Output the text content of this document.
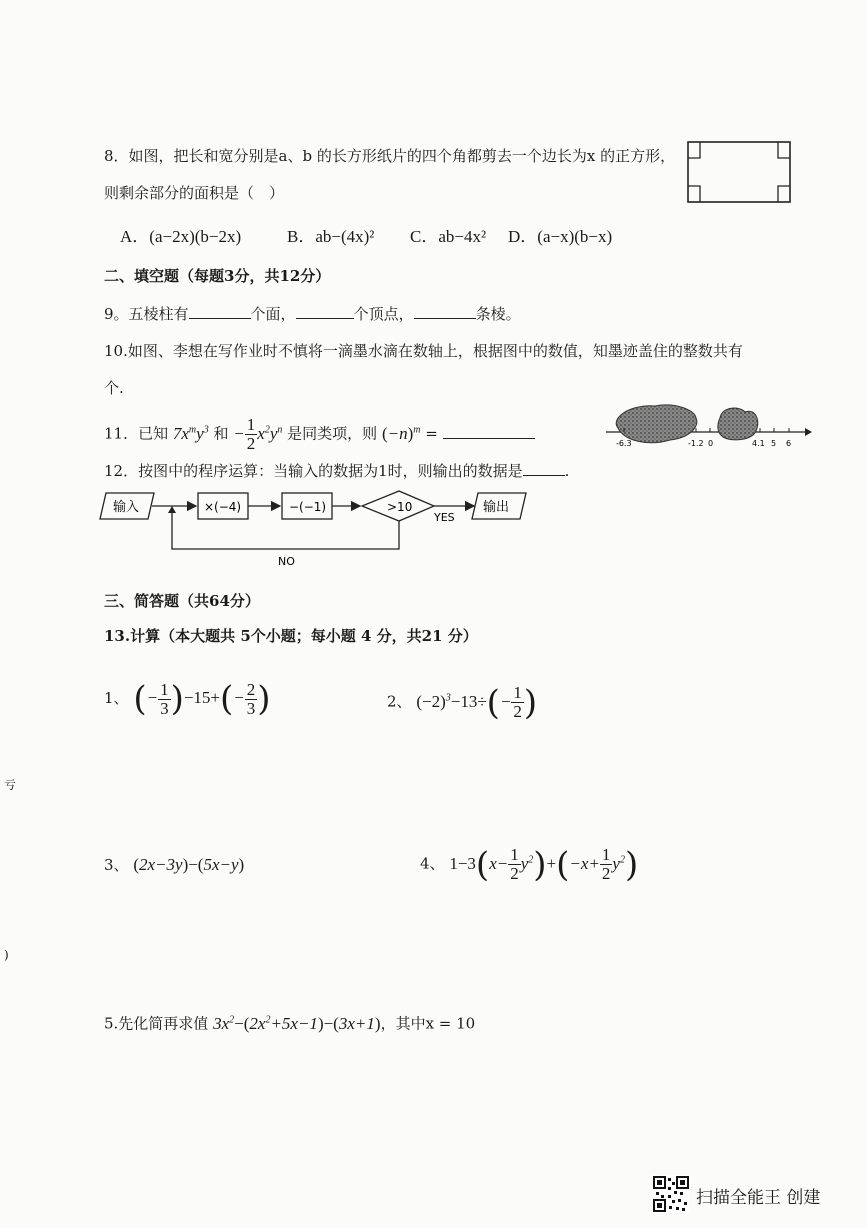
8．如图，把长和宽分别是a、b 的长方形纸片的四个角都剪去一个边长为x 的正方形，
则剩余部分的面积是（　）
A．(a−2x)(b−2x)	B．ab−(4x)² C．ab−4x² D．(a−x)(b−x)
二、填空题（每题3分，共12分）
9。五棱柱有	个面，	个顶点，	条棱。
10.如图、李想在写作业时不慎将一滴墨水滴在数轴上，根据图中的数值，知墨迹盖住的整数共有
个.
11．已知 $7x^my^3$ 和 − $\frac{1}{2} x^2y^n$ 是同类项，则 $(-n)^m$ =
-6.3	-1.2 0	4.1 5 6
12．按图中的程序运算：当输入的数据为1时，则输出的数据是	.
输入	×(−4)	−(−1)	>10
YES
输出
NO
三、简答题（共64分）
13.计算（本大题共 5个小题；每小题 4 分，共21 分）
1、 (− $\frac{1}{3} )-15+(- \frac{2}{3}$ )	2、 $(-2)^3-13\div(- \frac{1}{2}$ )
亏
)
3、 (2x−3y)−(5x−y)	4、 $1-3(x- \frac{1}{2} y^2)+(-x+ \frac{1}{2} y^2)$
5.先化简再求值 $3x^2-(2x^2+5x-1)-(3x+1)$，其中x = 10
扫描全能王 创建
